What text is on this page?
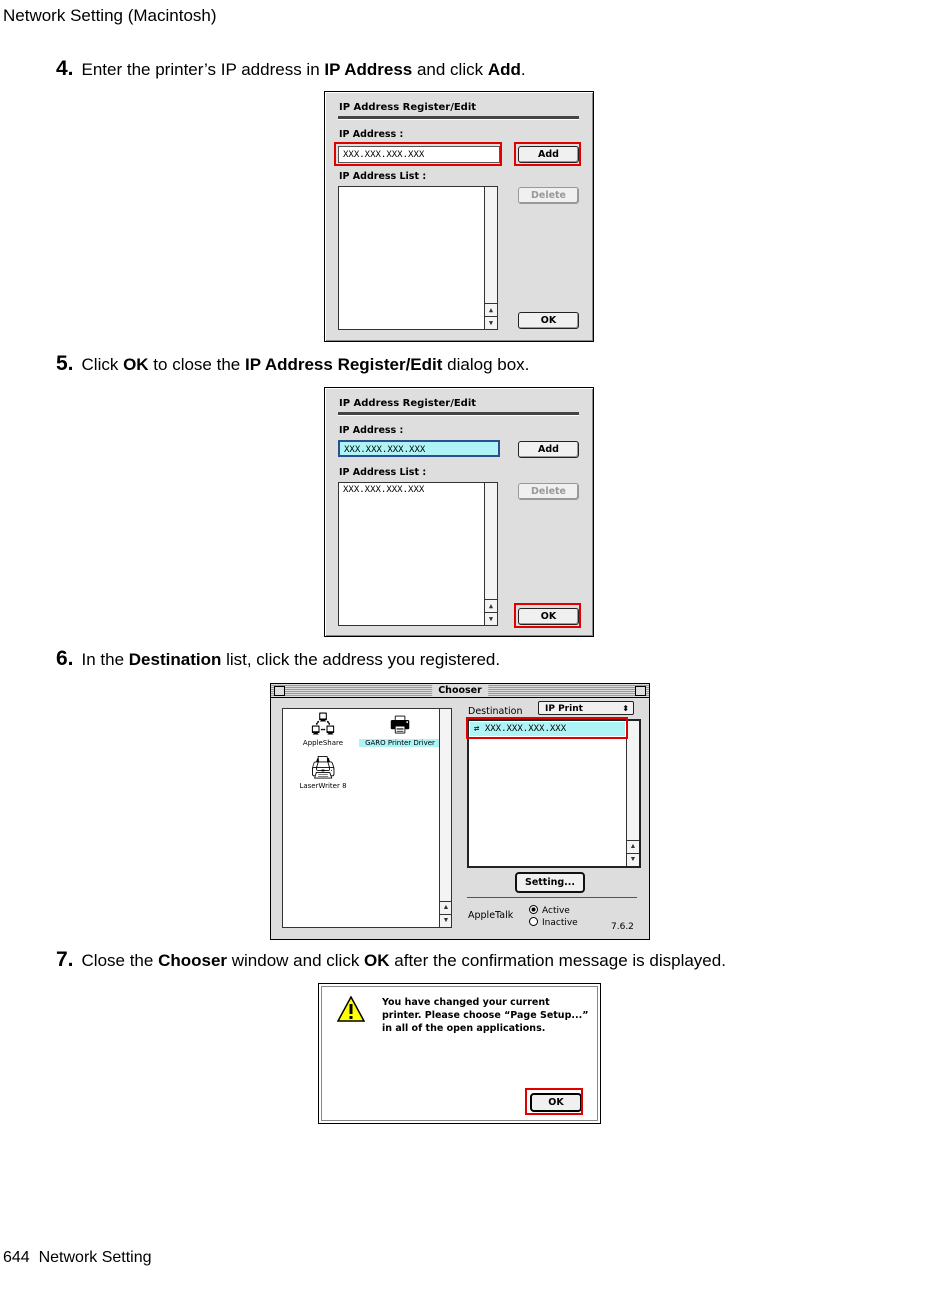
Network Setting (Macintosh)
4. Enter the printer’s IP address in IP Address and click Add.
IP Address Register/Edit
IP Address :
XXX.XXX.XXX.XXX
IP Address List :
▲
▼
Add
Delete
OK
5. Click OK to close the IP Address Register/Edit dialog box.
IP Address Register/Edit
IP Address :
XXX.XXX.XXX.XXX
IP Address List :
XXX.XXX.XXX.XXX
▲
▼
Add
Delete
OK
6. In the Destination list, click the address you registered.
Chooser
🖧
AppleShare
🖶
GARO Printer Driver
🖨
LaserWriter 8
▲
▼
Destination	IP Print	⬍
⇄ XXX.XXX.XXX.XXX
▲
▼
Setting...
AppleTalk	Active
Inactive	7.6.2
7. Close the Chooser window and click OK after the confirmation message is displayed.
You have changed your current printer. Please choose “Page Setup...” in all of the open applications.
OK
644 Network Setting
